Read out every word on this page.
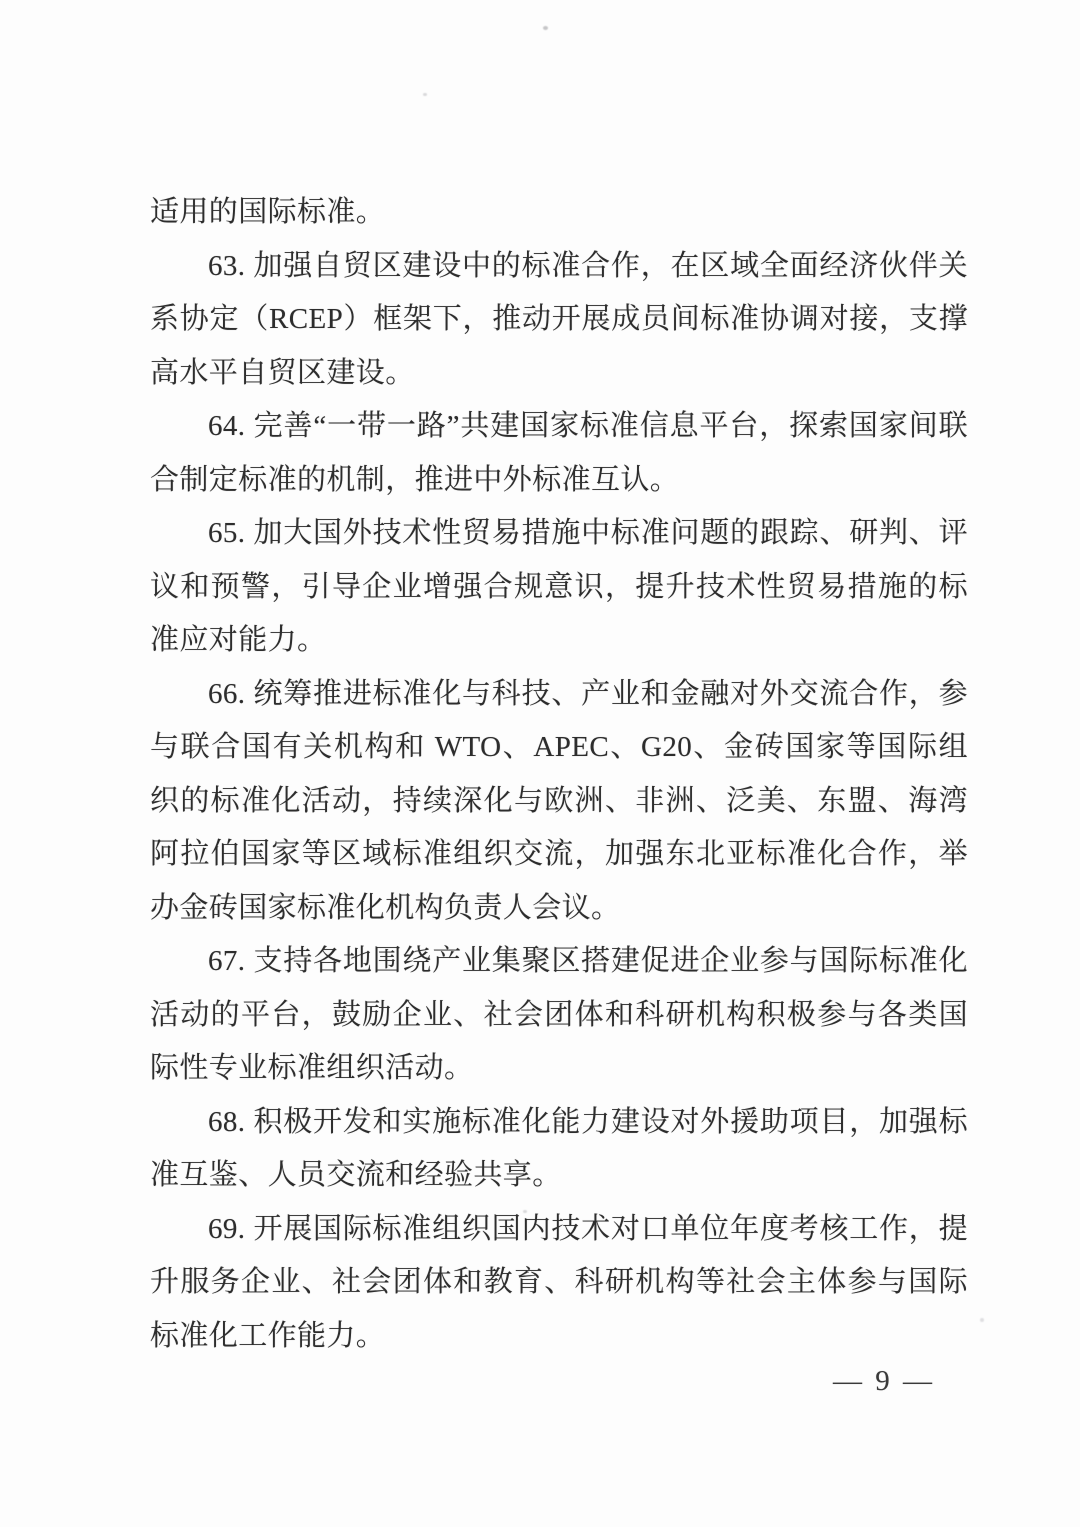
适用的国际标准。

63. 加强自贸区建设中的标准合作，在区域全面经济伙伴关系协定（RCEP）框架下，推动开展成员间标准协调对接，支撑高水平自贸区建设。

64. 完善“一带一路”共建国家标准信息平台，探索国家间联合制定标准的机制，推进中外标准互认。

65. 加大国外技术性贸易措施中标准问题的跟踪、研判、评议和预警，引导企业增强合规意识，提升技术性贸易措施的标准应对能力。

66. 统筹推进标准化与科技、产业和金融对外交流合作，参与联合国有关机构和 WTO、APEC、G20、金砖国家等国际组织的标准化活动，持续深化与欧洲、非洲、泛美、东盟、海湾阿拉伯国家等区域标准组织交流，加强东北亚标准化合作，举办金砖国家标准化机构负责人会议。

67. 支持各地围绕产业集聚区搭建促进企业参与国际标准化活动的平台，鼓励企业、社会团体和科研机构积极参与各类国际性专业标准组织活动。

68. 积极开发和实施标准化能力建设对外援助项目，加强标准互鉴、人员交流和经验共享。

69. 开展国际标准组织国内技术对口单位年度考核工作，提升服务企业、社会团体和教育、科研机构等社会主体参与国际标准化工作能力。

— 9 —
